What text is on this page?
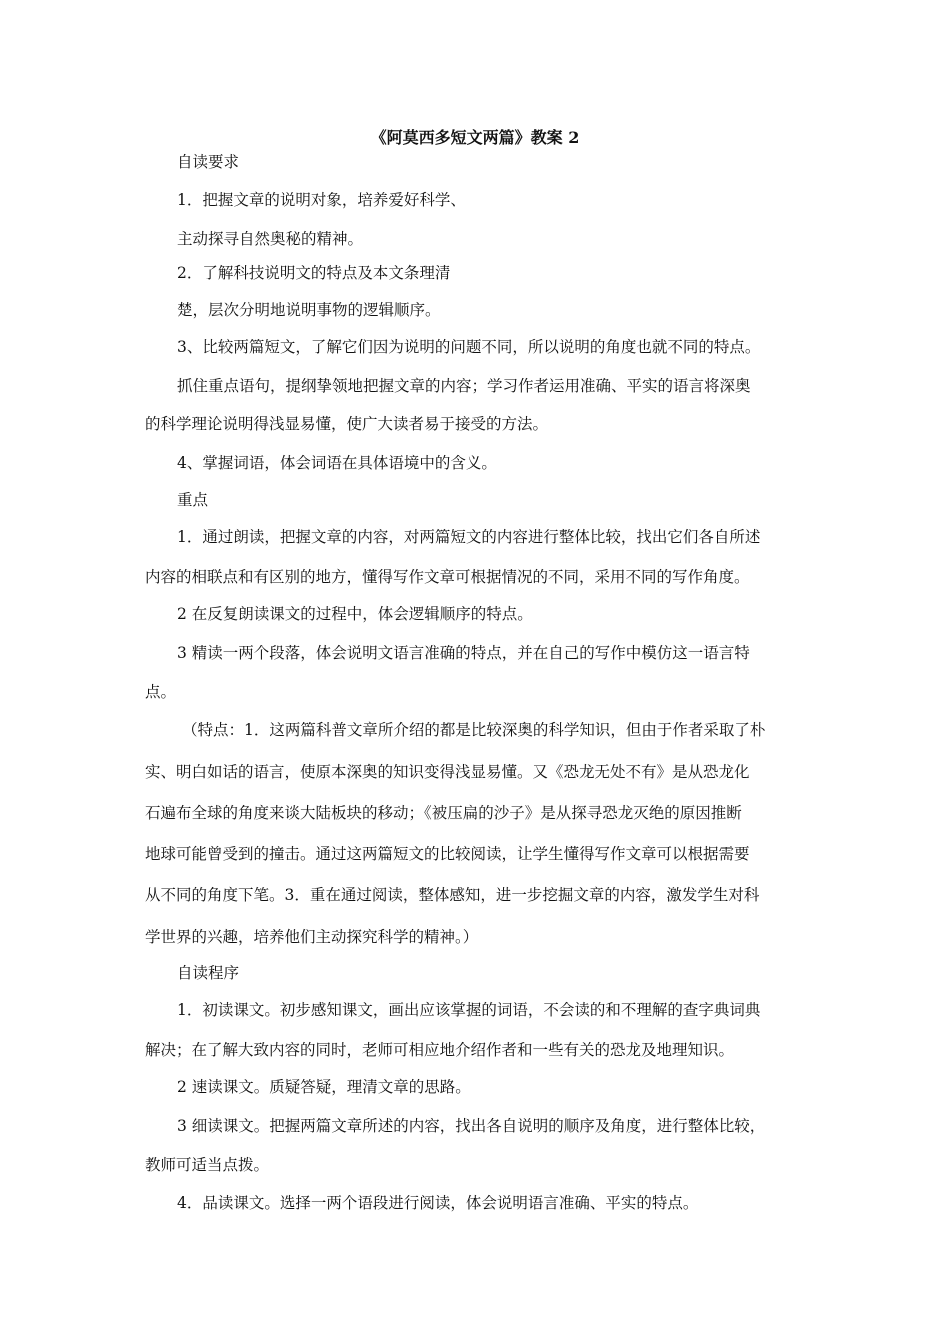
《阿莫西多短文两篇》教案 2
自读要求
1．把握文章的说明对象，培养爱好科学、
主动探寻自然奥秘的精神。
2．了解科技说明文的特点及本文条理清
楚，层次分明地说明事物的逻辑顺序。
3、比较两篇短文，了解它们因为说明的问题不同，所以说明的角度也就不同的特点。
抓住重点语句，提纲挚领地把握文章的内容；学习作者运用准确、平实的语言将深奥
的科学理论说明得浅显易懂，使广大读者易于接受的方法。
4、掌握词语，体会词语在具体语境中的含义。
重点
1．通过朗读，把握文章的内容，对两篇短文的内容进行整体比较，找出它们各自所述
内容的相联点和有区别的地方，懂得写作文章可根据情况的不同，采用不同的写作角度。
2 在反复朗读课文的过程中，体会逻辑顺序的特点。
3 精读一两个段落，体会说明文语言准确的特点，并在自己的写作中模仿这一语言特
点。
（特点：1．这两篇科普文章所介绍的都是比较深奥的科学知识，但由于作者采取了朴
实、明白如话的语言，使原本深奥的知识变得浅显易懂。又《恐龙无处不有》是从恐龙化
石遍布全球的角度来谈大陆板块的移动；《被压扁的沙子》是从探寻恐龙灭绝的原因推断
地球可能曾受到的撞击。通过这两篇短文的比较阅读，让学生懂得写作文章可以根据需要
从不同的角度下笔。3．重在通过阅读，整体感知，进一步挖掘文章的内容，激发学生对科
学世界的兴趣，培养他们主动探究科学的精神。）
自读程序
1．初读课文。初步感知课文，画出应该掌握的词语，不会读的和不理解的查字典词典
解决；在了解大致内容的同时，老师可相应地介绍作者和一些有关的恐龙及地理知识。
2 速读课文。质疑答疑，理清文章的思路。
3 细读课文。把握两篇文章所述的内容，找出各自说明的顺序及角度，进行整体比较，
教师可适当点拨。
4．品读课文。选择一两个语段进行阅读，体会说明语言准确、平实的特点。
